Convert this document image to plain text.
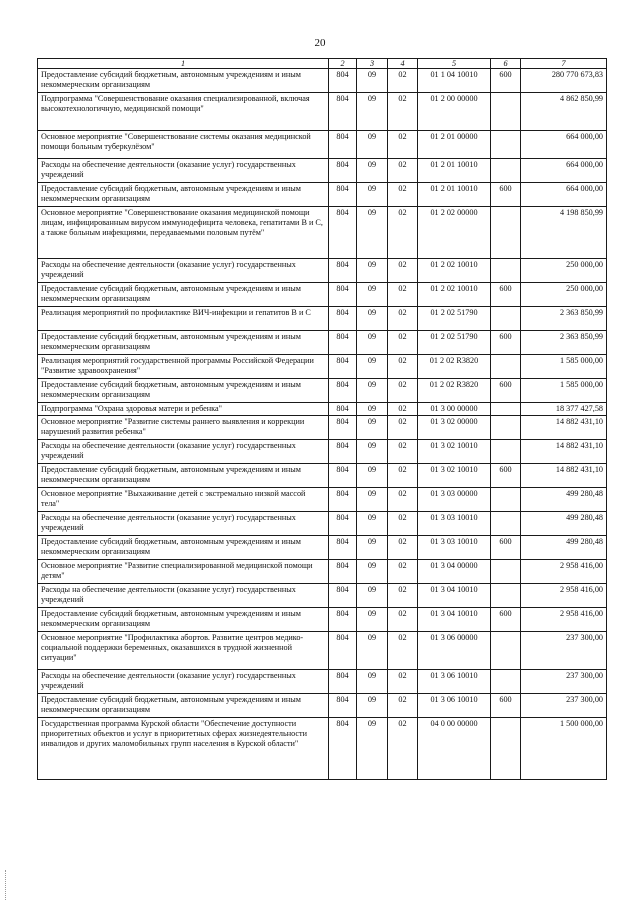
20
1	2	3	4	5	6	7
Предоставление субсидий бюджетным, автономным учреждениям и иным некоммерческим организациям	804	09	02	01 1 04 10010	600	280 770 673,83
Подпрограмма "Совершенствование оказания специализированной, включая высокотехнологичную, медицинской помощи"	804	09	02	01 2 00 00000		4 862 850,99
Основное мероприятие "Совершенствование системы оказания медицинской помощи больным туберкулёзом"	804	09	02	01 2 01 00000		664 000,00
Расходы на обеспечение деятельности (оказание услуг) государственных учреждений	804	09	02	01 2 01 10010		664 000,00
Предоставление субсидий бюджетным, автономным учреждениям и иным некоммерческим организациям	804	09	02	01 2 01 10010	600	664 000,00
Основное мероприятие "Совершенствование оказания медицинской помощи лицам, инфицированным вирусом иммунодефицита человека, гепатитами В и С, а также больным инфекциями, передаваемыми половым путём"	804	09	02	01 2 02 00000		4 198 850,99
Расходы на обеспечение деятельности (оказание услуг) государственных учреждений	804	09	02	01 2 02 10010		250 000,00
Предоставление субсидий бюджетным, автономным учреждениям и иным некоммерческим организациям	804	09	02	01 2 02 10010	600	250 000,00
Реализация мероприятий по профилактике ВИЧ-инфекции и гепатитов В и С	804	09	02	01 2 02 51790		2 363 850,99
Предоставление субсидий бюджетным, автономным учреждениям и иным некоммерческим организациям	804	09	02	01 2 02 51790	600	2 363 850,99
Реализация мероприятий государственной программы Российской Федерации "Развитие здравоохранения"	804	09	02	01 2 02 R3820		1 585 000,00
Предоставление субсидий бюджетным, автономным учреждениям и иным некоммерческим организациям	804	09	02	01 2 02 R3820	600	1 585 000,00
Подпрограмма "Охрана здоровья матери и ребенка"	804	09	02	01 3 00 00000		18 377 427,58
Основное мероприятие "Развитие системы раннего выявления и коррекции нарушений развития ребенка"	804	09	02	01 3 02 00000		14 882 431,10
Расходы на обеспечение деятельности (оказание услуг) государственных учреждений	804	09	02	01 3 02 10010		14 882 431,10
Предоставление субсидий бюджетным, автономным учреждениям и иным некоммерческим организациям	804	09	02	01 3 02 10010	600	14 882 431,10
Основное мероприятие "Выхаживание детей с экстремально низкой массой тела"	804	09	02	01 3 03 00000		499 280,48
Расходы на обеспечение деятельности (оказание услуг) государственных учреждений	804	09	02	01 3 03 10010		499 280,48
Предоставление субсидий бюджетным, автономным учреждениям и иным некоммерческим организациям	804	09	02	01 3 03 10010	600	499 280,48
Основное мероприятие "Развитие специализированной медицинской помощи детям"	804	09	02	01 3 04 00000		2 958 416,00
Расходы на обеспечение деятельности (оказание услуг) государственных учреждений	804	09	02	01 3 04 10010		2 958 416,00
Предоставление субсидий бюджетным, автономным учреждениям и иным некоммерческим организациям	804	09	02	01 3 04 10010	600	2 958 416,00
Основное мероприятие "Профилактика абортов. Развитие центров медико-социальной поддержки беременных, оказавшихся в трудной жизненной ситуации"	804	09	02	01 3 06 00000		237 300,00
Расходы на обеспечение деятельности (оказание услуг) государственных учреждений	804	09	02	01 3 06 10010		237 300,00
Предоставление субсидий бюджетным, автономным учреждениям и иным некоммерческим организациям	804	09	02	01 3 06 10010	600	237 300,00
Государственная программа Курской области "Обеспечение доступности приоритетных объектов и услуг в приоритетных сферах жизнедеятельности инвалидов и других маломобильных групп населения в Курской области"	804	09	02	04 0 00 00000		1 500 000,00
